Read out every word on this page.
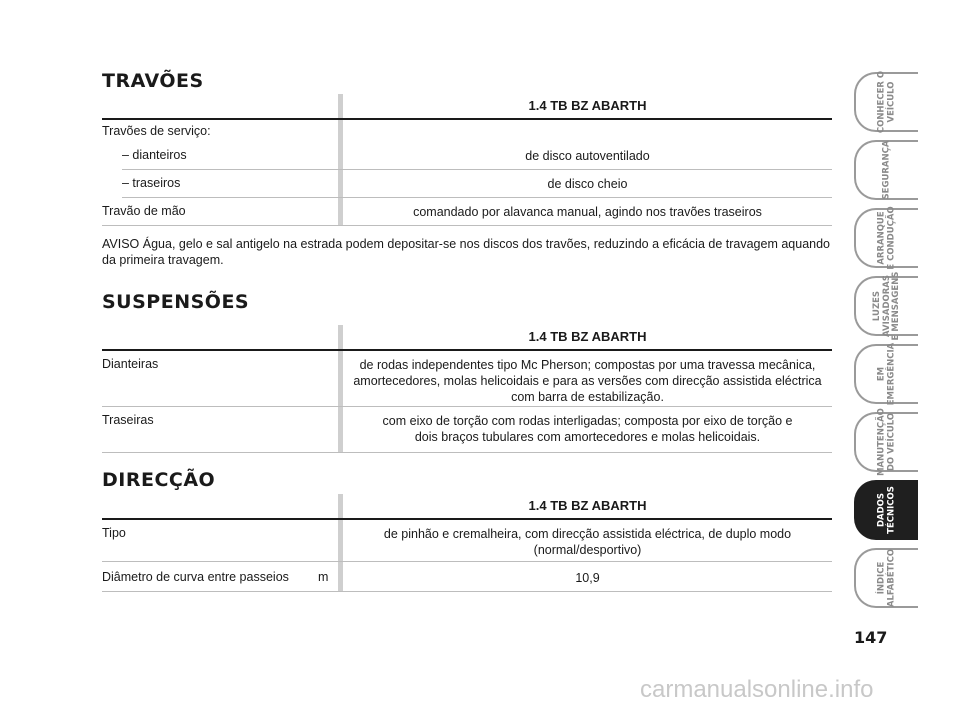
TRAVÕES
1.4 TB BZ ABARTH
Travões de serviço:
– dianteiros	de disco autoventilado
– traseiros	de disco cheio
Travão de mão	comandado por alavanca manual, agindo nos travões traseiros
AVISO Água, gelo e sal antigelo na estrada podem depositar-se nos discos dos travões, reduzindo a eficácia de travagem aquando da primeira travagem.
SUSPENSÕES
1.4 TB BZ ABARTH
Dianteiras	de rodas independentes tipo Mc Pherson; compostas por uma travessa mecânica,
amortecedores, molas helicoidais e para as versões com direcção assistida eléctrica
com barra de estabilização.
Traseiras	com eixo de torção com rodas interligadas; composta por eixo de torção e
dois braços tubulares com amortecedores e molas helicoidais.
DIRECÇÃO
1.4 TB BZ ABARTH
Tipo	de pinhão e cremalheira, com direcção assistida eléctrica, de duplo modo
(normal/desportivo)
Diâmetro de curva entre passeios	m	10,9
CONHECER O
VEÍCULO
SEGURANÇA
ARRANQUE
E CONDUÇÃO
LUZES
AVISADORAS
E MENSAGENS
EM
EMERGÊNCIA
MANUTENÇÃO
DO VEÍCULO
DADOS
TÉCNICOS
ÍNDICE
ALFABÉTICO
147
carmanualsonline.info
